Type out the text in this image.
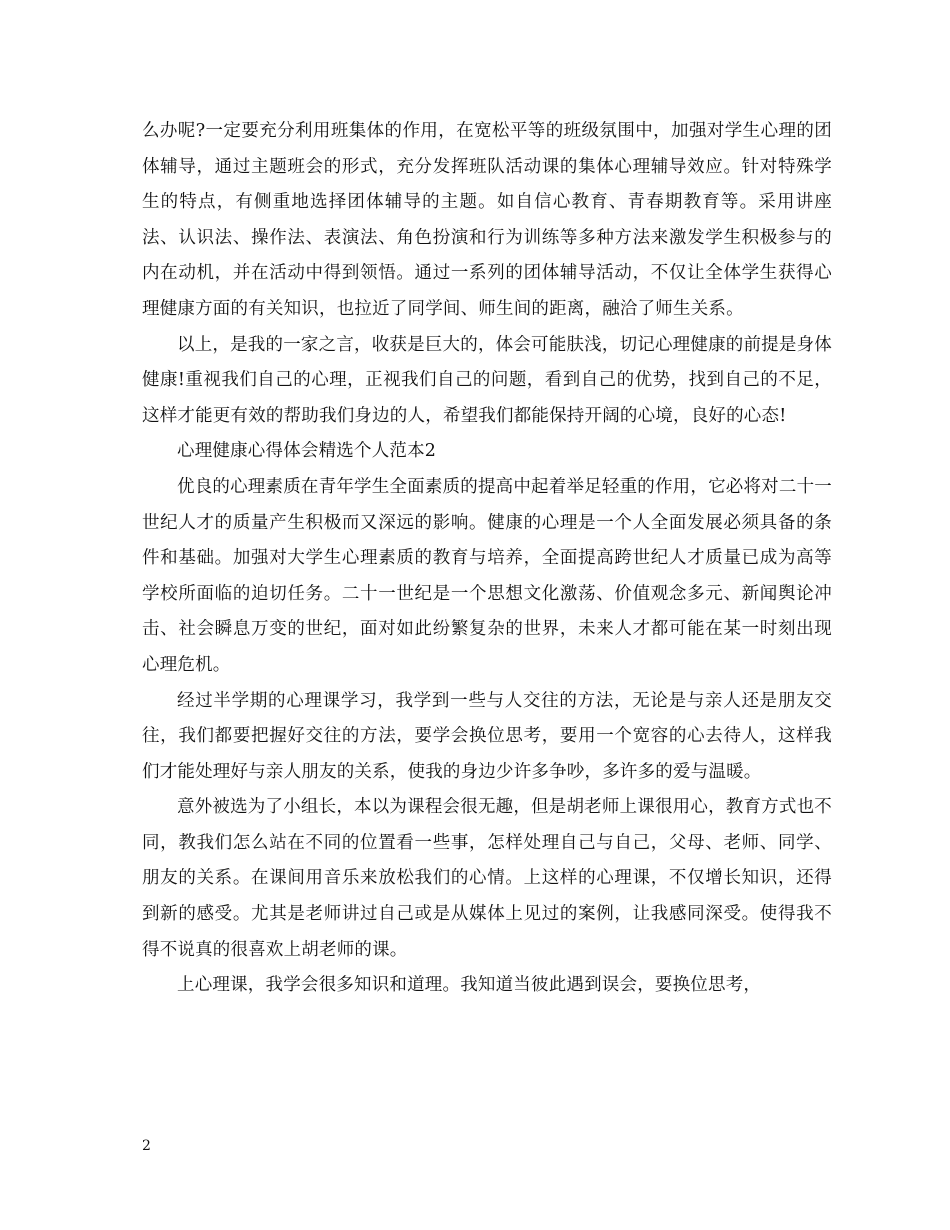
么办呢?一定要充分利用班集体的作用，在宽松平等的班级氛围中，加强对学生心理的团体辅导，通过主题班会的形式，充分发挥班队活动课的集体心理辅导效应。针对特殊学生的特点，有侧重地选择团体辅导的主题。如自信心教育、青春期教育等。采用讲座法、认识法、操作法、表演法、角色扮演和行为训练等多种方法来激发学生积极参与的内在动机，并在活动中得到领悟。通过一系列的团体辅导活动，不仅让全体学生获得心理健康方面的有关知识，也拉近了同学间、师生间的距离，融洽了师生关系。

以上，是我的一家之言，收获是巨大的，体会可能肤浅，切记心理健康的前提是身体健康!重视我们自己的心理，正视我们自己的问题，看到自己的优势，找到自己的不足，这样才能更有效的帮助我们身边的人，希望我们都能保持开阔的心境，良好的心态!

心理健康心得体会精选个人范本2

优良的心理素质在青年学生全面素质的提高中起着举足轻重的作用，它必将对二十一世纪人才的质量产生积极而又深远的影响。健康的心理是一个人全面发展必须具备的条件和基础。加强对大学生心理素质的教育与培养，全面提高跨世纪人才质量已成为高等学校所面临的迫切任务。二十一世纪是一个思想文化激荡、价值观念多元、新闻舆论冲击、社会瞬息万变的世纪，面对如此纷繁复杂的世界，未来人才都可能在某一时刻出现心理危机。

经过半学期的心理课学习，我学到一些与人交往的方法，无论是与亲人还是朋友交往，我们都要把握好交往的方法，要学会换位思考，要用一个宽容的心去待人，这样我们才能处理好与亲人朋友的关系，使我的身边少许多争吵，多许多的爱与温暖。

意外被选为了小组长，本以为课程会很无趣，但是胡老师上课很用心，教育方式也不同，教我们怎么站在不同的位置看一些事，怎样处理自己与自己，父母、老师、同学、朋友的关系。在课间用音乐来放松我们的心情。上这样的心理课，不仅增长知识，还得到新的感受。尤其是老师讲过自己或是从媒体上见过的案例，让我感同深受。使得我不得不说真的很喜欢上胡老师的课。

上心理课，我学会很多知识和道理。我知道当彼此遇到误会，要换位思考，

2
